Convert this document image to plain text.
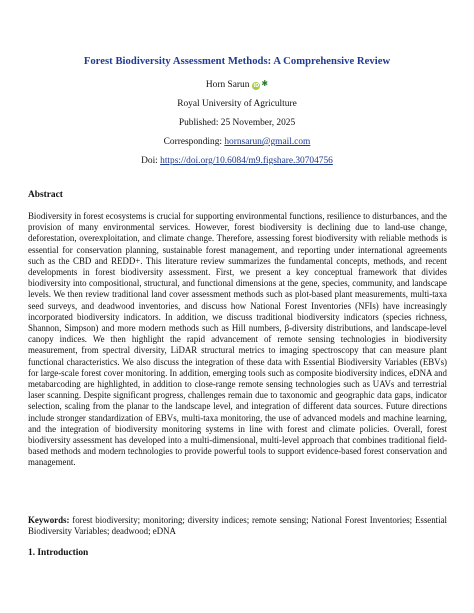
Forest Biodiversity Assessment Methods: A Comprehensive Review
Horn Sarun iD ✱
Royal University of Agriculture
Published: 25 November, 2025
Corresponding: hornsarun@gmail.com
Doi: https://doi.org/10.6084/m9.figshare.30704756
Abstract

Biodiversity in forest ecosystems is crucial for supporting environmental functions, resilience to disturbances, and the provision of many environmental services. However, forest biodiversity is declining due to land-use change, deforestation, overexploitation, and climate change. Therefore, assessing forest biodiversity with reliable methods is essential for conservation planning, sustainable forest management, and reporting under international agreements such as the CBD and REDD+. This literature review summarizes the fundamental concepts, methods, and recent developments in forest biodiversity assessment. First, we present a key conceptual framework that divides biodiversity into compositional, structural, and functional dimensions at the gene, species, community, and landscape levels. We then review traditional land cover assessment methods such as plot-based plant measurements, multi-taxa seed surveys, and deadwood inventories, and discuss how National Forest Inventories (NFIs) have increasingly incorporated biodiversity indicators. In addition, we discuss traditional biodiversity indicators (species richness, Shannon, Simpson) and more modern methods such as Hill numbers, β-diversity distributions, and landscape-level canopy indices. We then highlight the rapid advancement of remote sensing technologies in biodiversity measurement, from spectral diversity, LiDAR structural metrics to imaging spectroscopy that can measure plant functional characteristics. We also discuss the integration of these data with Essential Biodiversity Variables (EBVs) for large-scale forest cover monitoring. In addition, emerging tools such as composite biodiversity indices, eDNA and metabarcoding are highlighted, in addition to close-range remote sensing technologies such as UAVs and terrestrial laser scanning. Despite significant progress, challenges remain due to taxonomic and geographic data gaps, indicator selection, scaling from the planar to the landscape level, and integration of different data sources. Future directions include stronger standardization of EBVs, multi-taxa monitoring, the use of advanced models and machine learning, and the integration of biodiversity monitoring systems in line with forest and climate policies. Overall, forest biodiversity assessment has developed into a multi-dimensional, multi-level approach that combines traditional field-based methods and modern technologies to provide powerful tools to support evidence-based forest conservation and management.

Keywords: forest biodiversity; monitoring; diversity indices; remote sensing; National Forest Inventories; Essential Biodiversity Variables; deadwood; eDNA

1. Introduction
